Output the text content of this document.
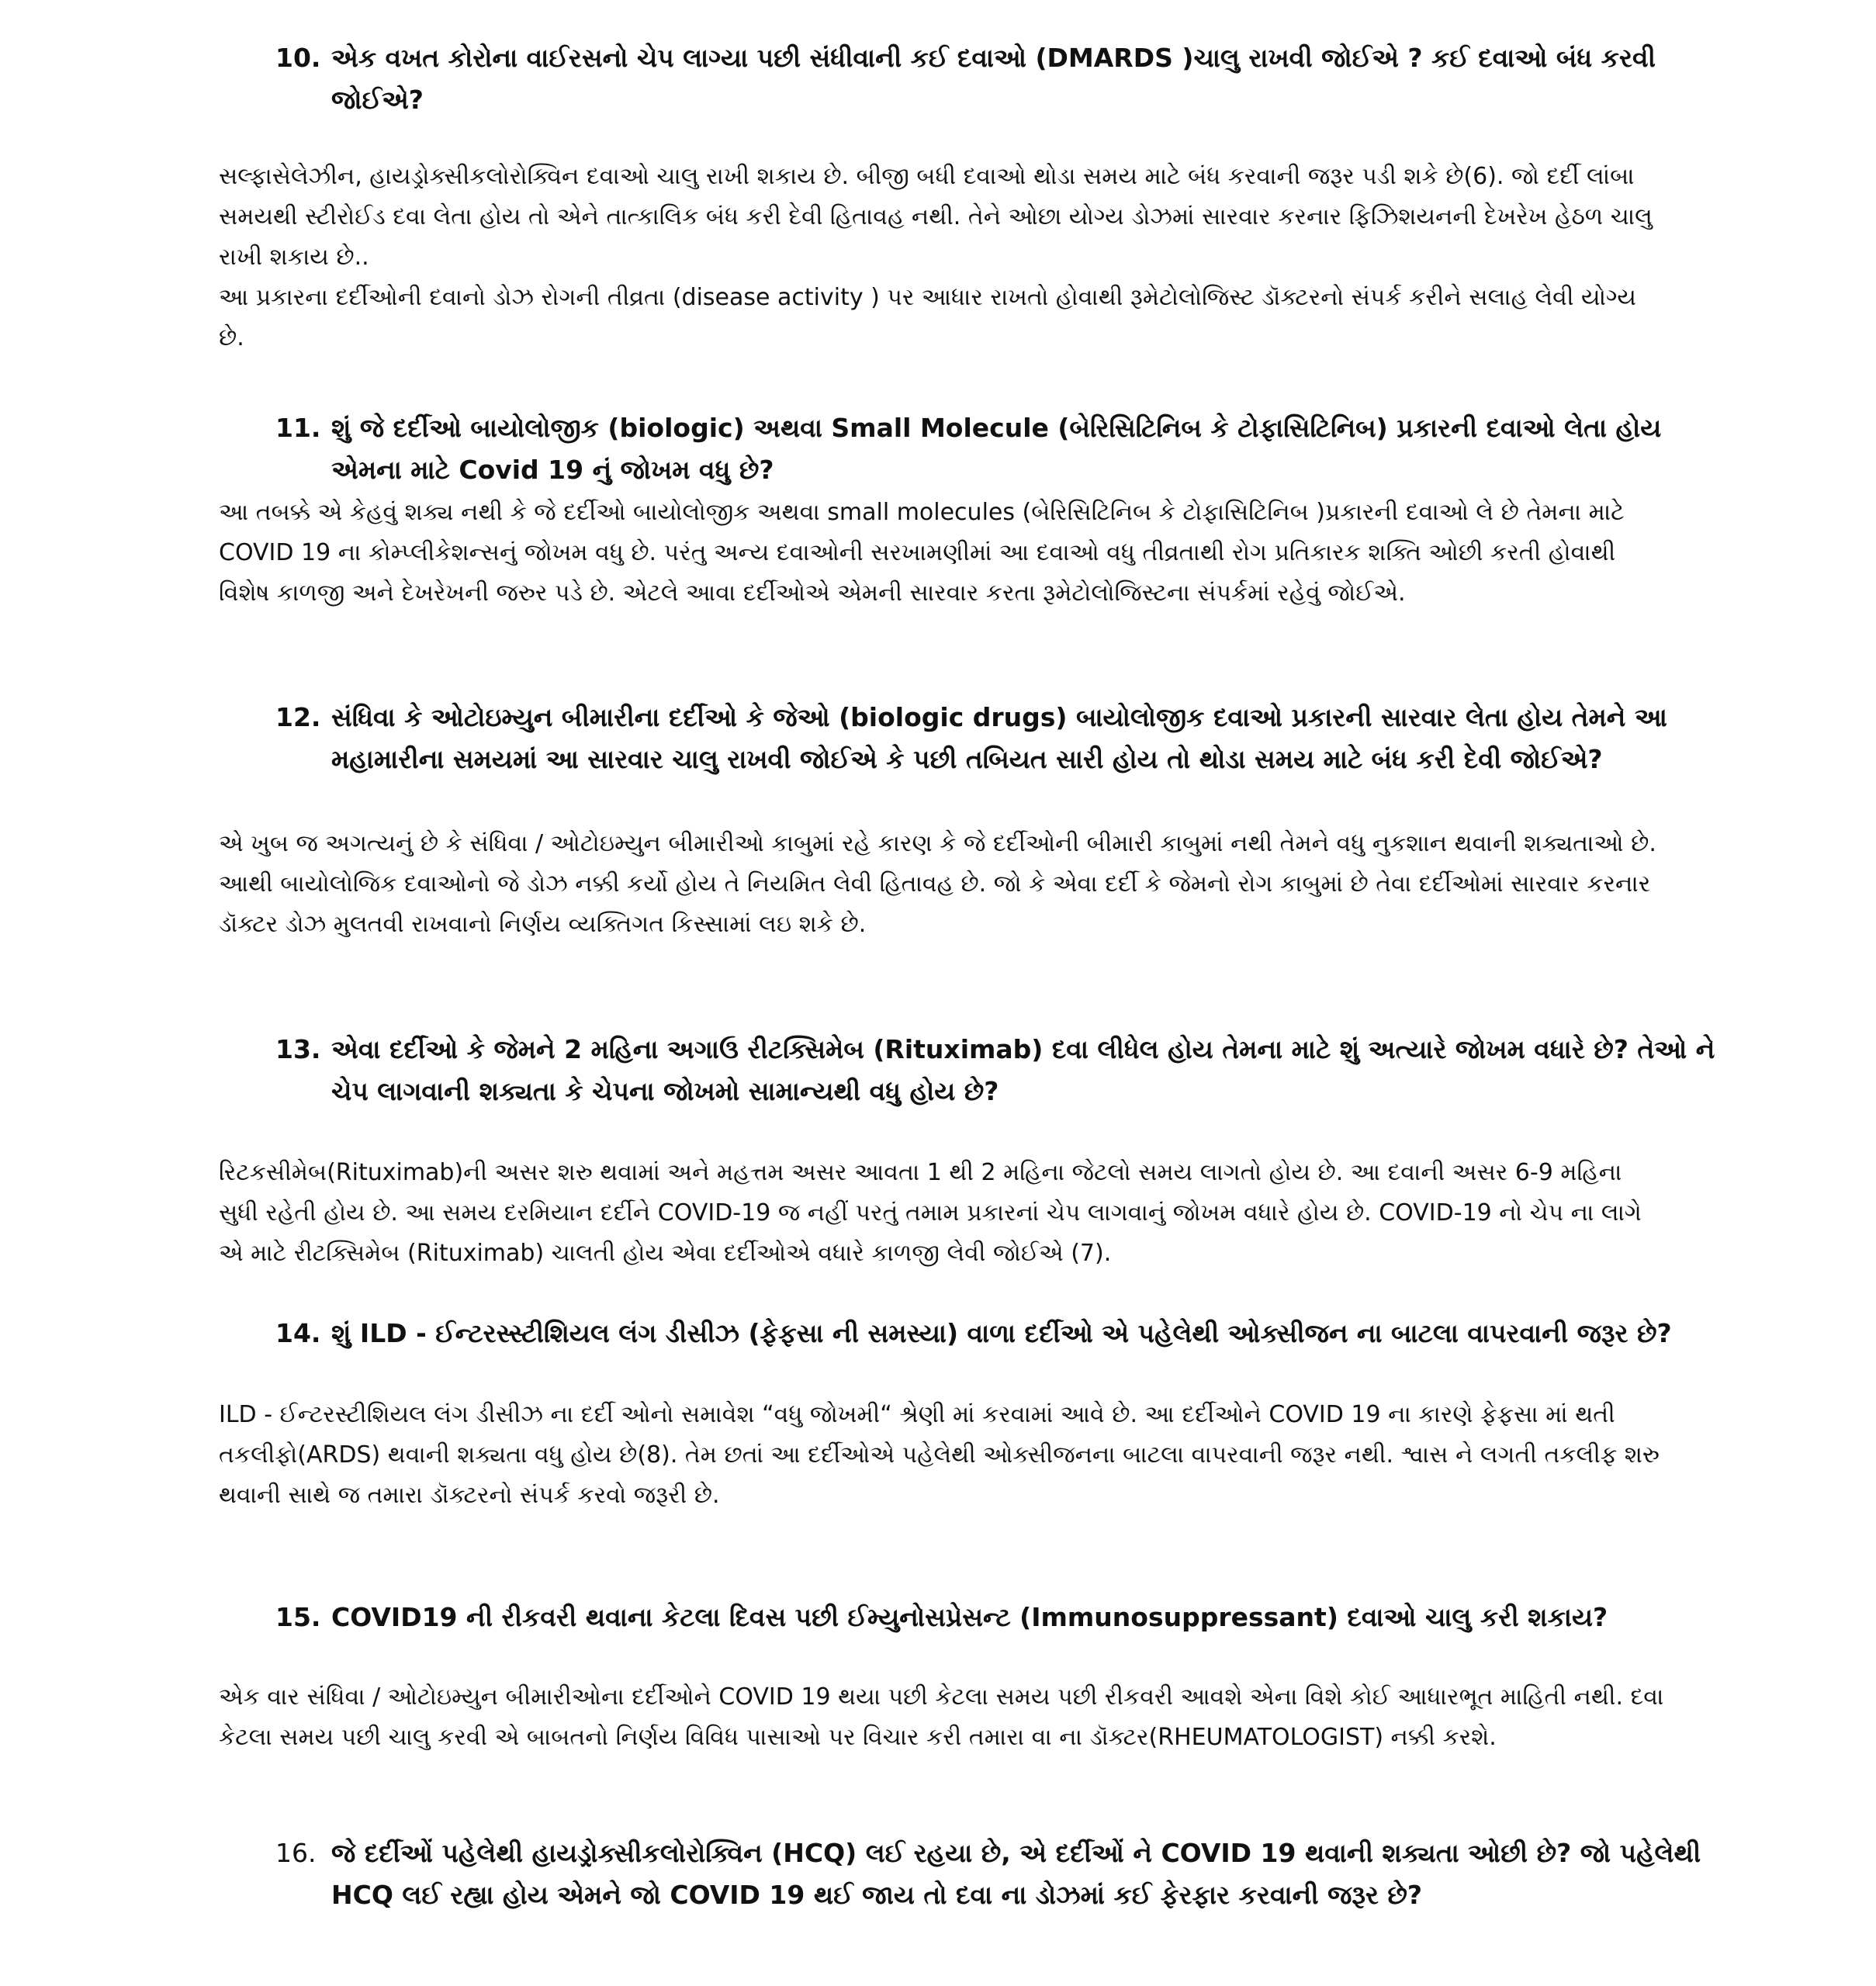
10. એક વખત કોરોના વાઈરસનો ચેપ લાગ્યા પછી સંધીવાની કઈ દવાઓ (DMARDS )ચાલુ રાખવી જોઈએ ? કઈ દવાઓ બંધ કરવી જોઈએ?

સલ્ફાસેલેઝીન, હાયડ્રોક્સીકલોરોક્વિન દવાઓ ચાલુ રાખી શકાય છે. બીજી બધી દવાઓ થોડા સમય માટે બંધ કરવાની જરૂર પડી શકે છે(6). જો દર્દી લાંબા સમયથી સ્ટીરોઈડ દવા લેતા હોય તો એને તાત્કાલિક બંધ કરી દેવી હિતાવહ નથી. તેને ઓછા યોગ્ય ડોઝમાં સારવાર કરનાર ફિઝિશયનની દેખરેખ હેઠળ ચાલુ રાખી શકાય છે..

આ પ્રકારના દર્દીઓની દવાનો ડોઝ રોગની તીવ્રતા (disease activity ) પર આધાર રાખતો હોવાથી રૂમેટોલોજિસ્ટ ડૉક્ટરનો સંપર્ક કરીને સલાહ લેવી યોગ્ય છે.

11. શું જે દર્દીઓ બાયોલોજીક (biologic) અથવા Small Molecule (બેરિસિટિનિબ કે ટોફાસિટિનિબ) પ્રકારની દવાઓ લેતા હોય એમના માટે Covid 19 નું જોખમ વધુ છે?

આ તબક્કે એ કેહવું શક્ય નથી કે જે દર્દીઓ બાયોલોજીક અથવા small molecules (બેરિસિટિનિબ કે ટોફાસિટિનિબ )પ્રકારની દવાઓ લે છે તેમના માટે COVID 19 ના કોમ્પ્લીકેશન્સનું જોખમ વધુ છે. પરંતુ અન્ય દવાઓની સરખામણીમાં આ દવાઓ વધુ તીવ્રતાથી રોગ પ્રતિકારક શક્તિ ઓછી કરતી હોવાથી વિશેષ કાળજી અને દેખરેખની જરુર પડે છે. એટલે આવા દર્દીઓએ એમની સારવાર કરતા રૂમેટોલોજિસ્ટના સંપર્કમાં રહેવું જોઈએ.

12. સંધિવા કે ઓટોઇમ્યુન બીમારીના દર્દીઓ કે જેઓ (biologic drugs) બાયોલોજીક દવાઓ પ્રકારની સારવાર લેતા હોય તેમને આ મહામારીના સમયમાં આ સારવાર ચાલુ રાખવી જોઈએ કે પછી તબિયત સારી હોય તો થોડા સમય માટે બંધ કરી દેવી જોઈએ?

એ ખુબ જ અગત્યનું છે કે સંધિવા / ઓટોઇમ્યુન બીમારીઓ કાબુમાં રહે કારણ કે જે દર્દીઓની બીમારી કાબુમાં નથી તેમને વધુ નુકશાન થવાની શક્યતાઓ છે. આથી બાયોલોજિક દવાઓનો જે ડોઝ નક્કી કર્યો હોય તે નિયમિત લેવી હિતાવહ છે. જો કે એવા દર્દી કે જેમનો રોગ કાબુમાં છે તેવા દર્દીઓમાં સારવાર કરનાર ડૉક્ટર ડોઝ મુલતવી રાખવાનો નિર્ણય વ્યક્તિગત કિસ્સામાં લઇ શકે છે.

13. એવા દર્દીઓ કે જેમને 2 મહિના અગાઉ રીટક્સિમેબ (Rituximab) દવા લીધેલ હોય તેમના માટે શું અત્યારે જોખમ વધારે છે? તેઓ ને ચેપ લાગવાની શક્યતા કે ચેપના જોખમો સામાન્યથી વધુ હોય છે?

રિટકસીમેબ(Rituximab)ની અસર શરુ થવામાં અને મહત્તમ અસર આવતા 1 થી 2 મહિના જેટલો સમય લાગતો હોય છે. આ દવાની અસર 6-9 મહિના સુધી રહેતી હોય છે. આ સમય દરમિયાન દર્દીને COVID-19 જ નહીં પરતું તમામ પ્રકારનાં ચેપ લાગવાનું જોખમ વધારે હોય છે. COVID-19 નો ચેપ ના લાગે એ માટે રીટક્સિમેબ (Rituximab) ચાલતી હોય એવા દર્દીઓએ વધારે કાળજી લેવી જોઈએ (7).

14. શું ILD - ઈન્ટરસ્સ્ટીશિયલ લંગ ડીસીઝ (ફેફસા ની સમસ્યા) વાળા દર્દીઓ એ પહેલેથી ઓક્સીજન ના બાટલા વાપરવાની જરૂર છે?

ILD - ઈન્ટરસ્ટીશિયલ લંગ ડીસીઝ ના દર્દી ઓનો સમાવેશ “વધુ જોખમી“ શ્રેણી માં કરવામાં આવે છે. આ દર્દીઓને COVID 19 ના કારણે ફેફસા માં થતી તકલીફો(ARDS) થવાની શક્યતા વધુ હોય છે(8). તેમ છતાં આ દર્દીઓએ પહેલેથી ઓક્સીજનના બાટલા વાપરવાની જરૂર નથી. શ્વાસ ને લગતી તકલીફ શરુ થવાની સાથે જ તમારા ડૉક્ટરનો સંપર્ક કરવો જરૂરી છે.

15. COVID19 ની રીકવરી થવાના કેટલા દિવસ પછી ઈમ્યુનોસપ્રેસન્ટ (Immunosuppressant) દવાઓ ચાલુ કરી શકાય?

એક વાર સંધિવા / ઓટોઇમ્યુન બીમારીઓના દર્દીઓને COVID 19 થયા પછી કેટલા સમય પછી રીકવરી આવશે એના વિશે કોઈ આધારભૂત માહિતી નથી. દવા કેટલા સમય પછી ચાલુ કરવી એ બાબતનો નિર્ણય વિવિધ પાસાઓ પર વિચાર કરી તમારા વા ના ડૉક્ટર(RHEUMATOLOGIST) નક્કી કરશે.

16. જે દર્દીઓં પહેલેથી હાયડ્રોક્સીકલોરોક્વિન (HCQ) લઈ રહયા છે, એ દર્દીઓં ને COVID 19 થવાની શક્યતા ઓછી છે? જો પહેલેથી HCQ લઈ રહ્યા હોય એમને જો COVID 19 થઈ જાય તો દવા ના ડોઝમાં કઈ ફેરફાર કરવાની જરૂર છે?
